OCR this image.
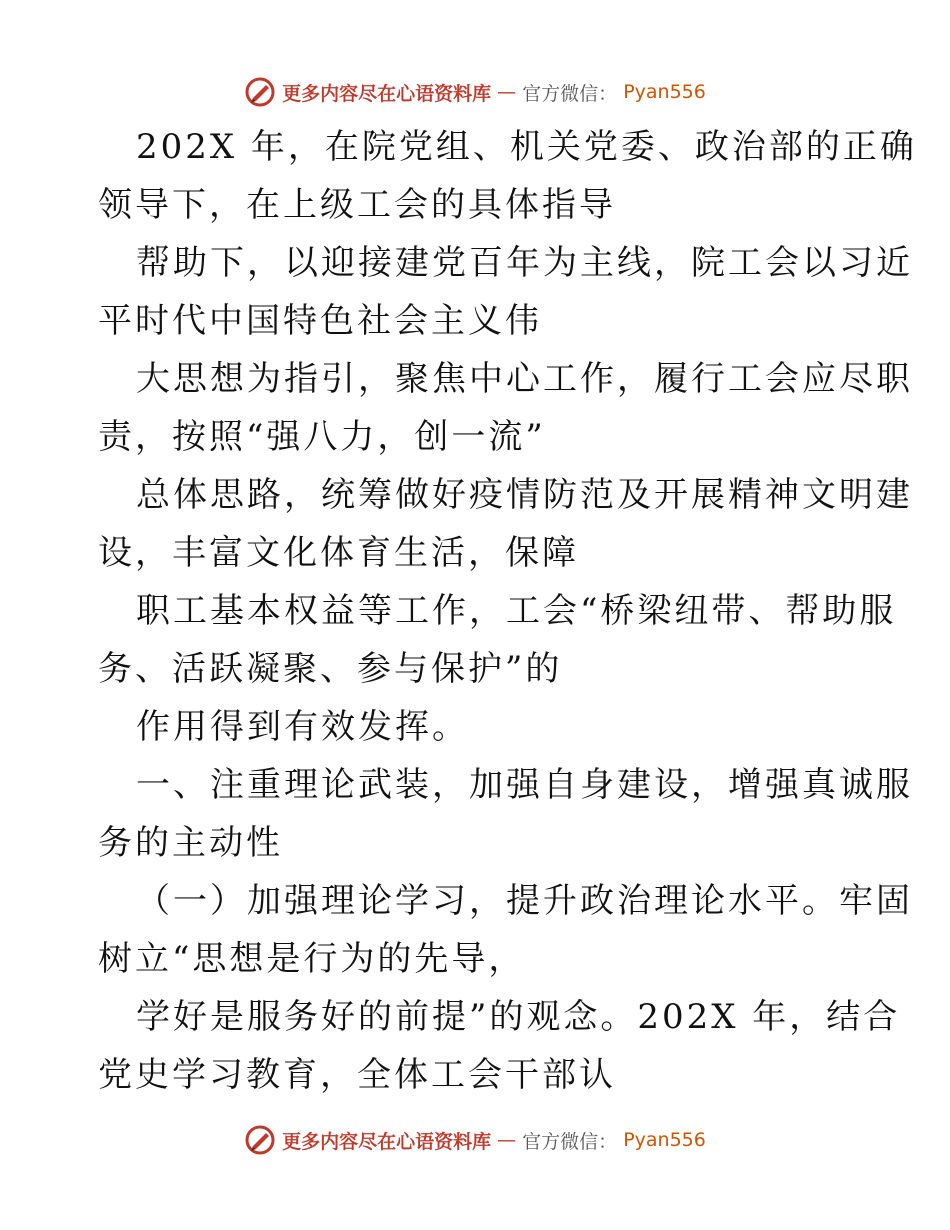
更多内容尽在心语资料库 — 官方微信： Pyan556

202X 年，在院党组、机关党委、政治部的正确
领导下，在上级工会的具体指导

帮助下，以迎接建党百年为主线，院工会以习近
平时代中国特色社会主义伟

大思想为指引，聚焦中心工作，履行工会应尽职
责，按照“强八力，创一流”

总体思路，统筹做好疫情防范及开展精神文明建
设，丰富文化体育生活，保障

职工基本权益等工作，工会“桥梁纽带、帮助服
务、活跃凝聚、参与保护”的

作用得到有效发挥。

一、注重理论武装，加强自身建设，增强真诚服
务的主动性

（一）加强理论学习，提升政治理论水平。牢固
树立“思想是行为的先导，

学好是服务好的前提”的观念。202X 年，结合
党史学习教育，全体工会干部认

更多内容尽在心语资料库 — 官方微信： Pyan556
